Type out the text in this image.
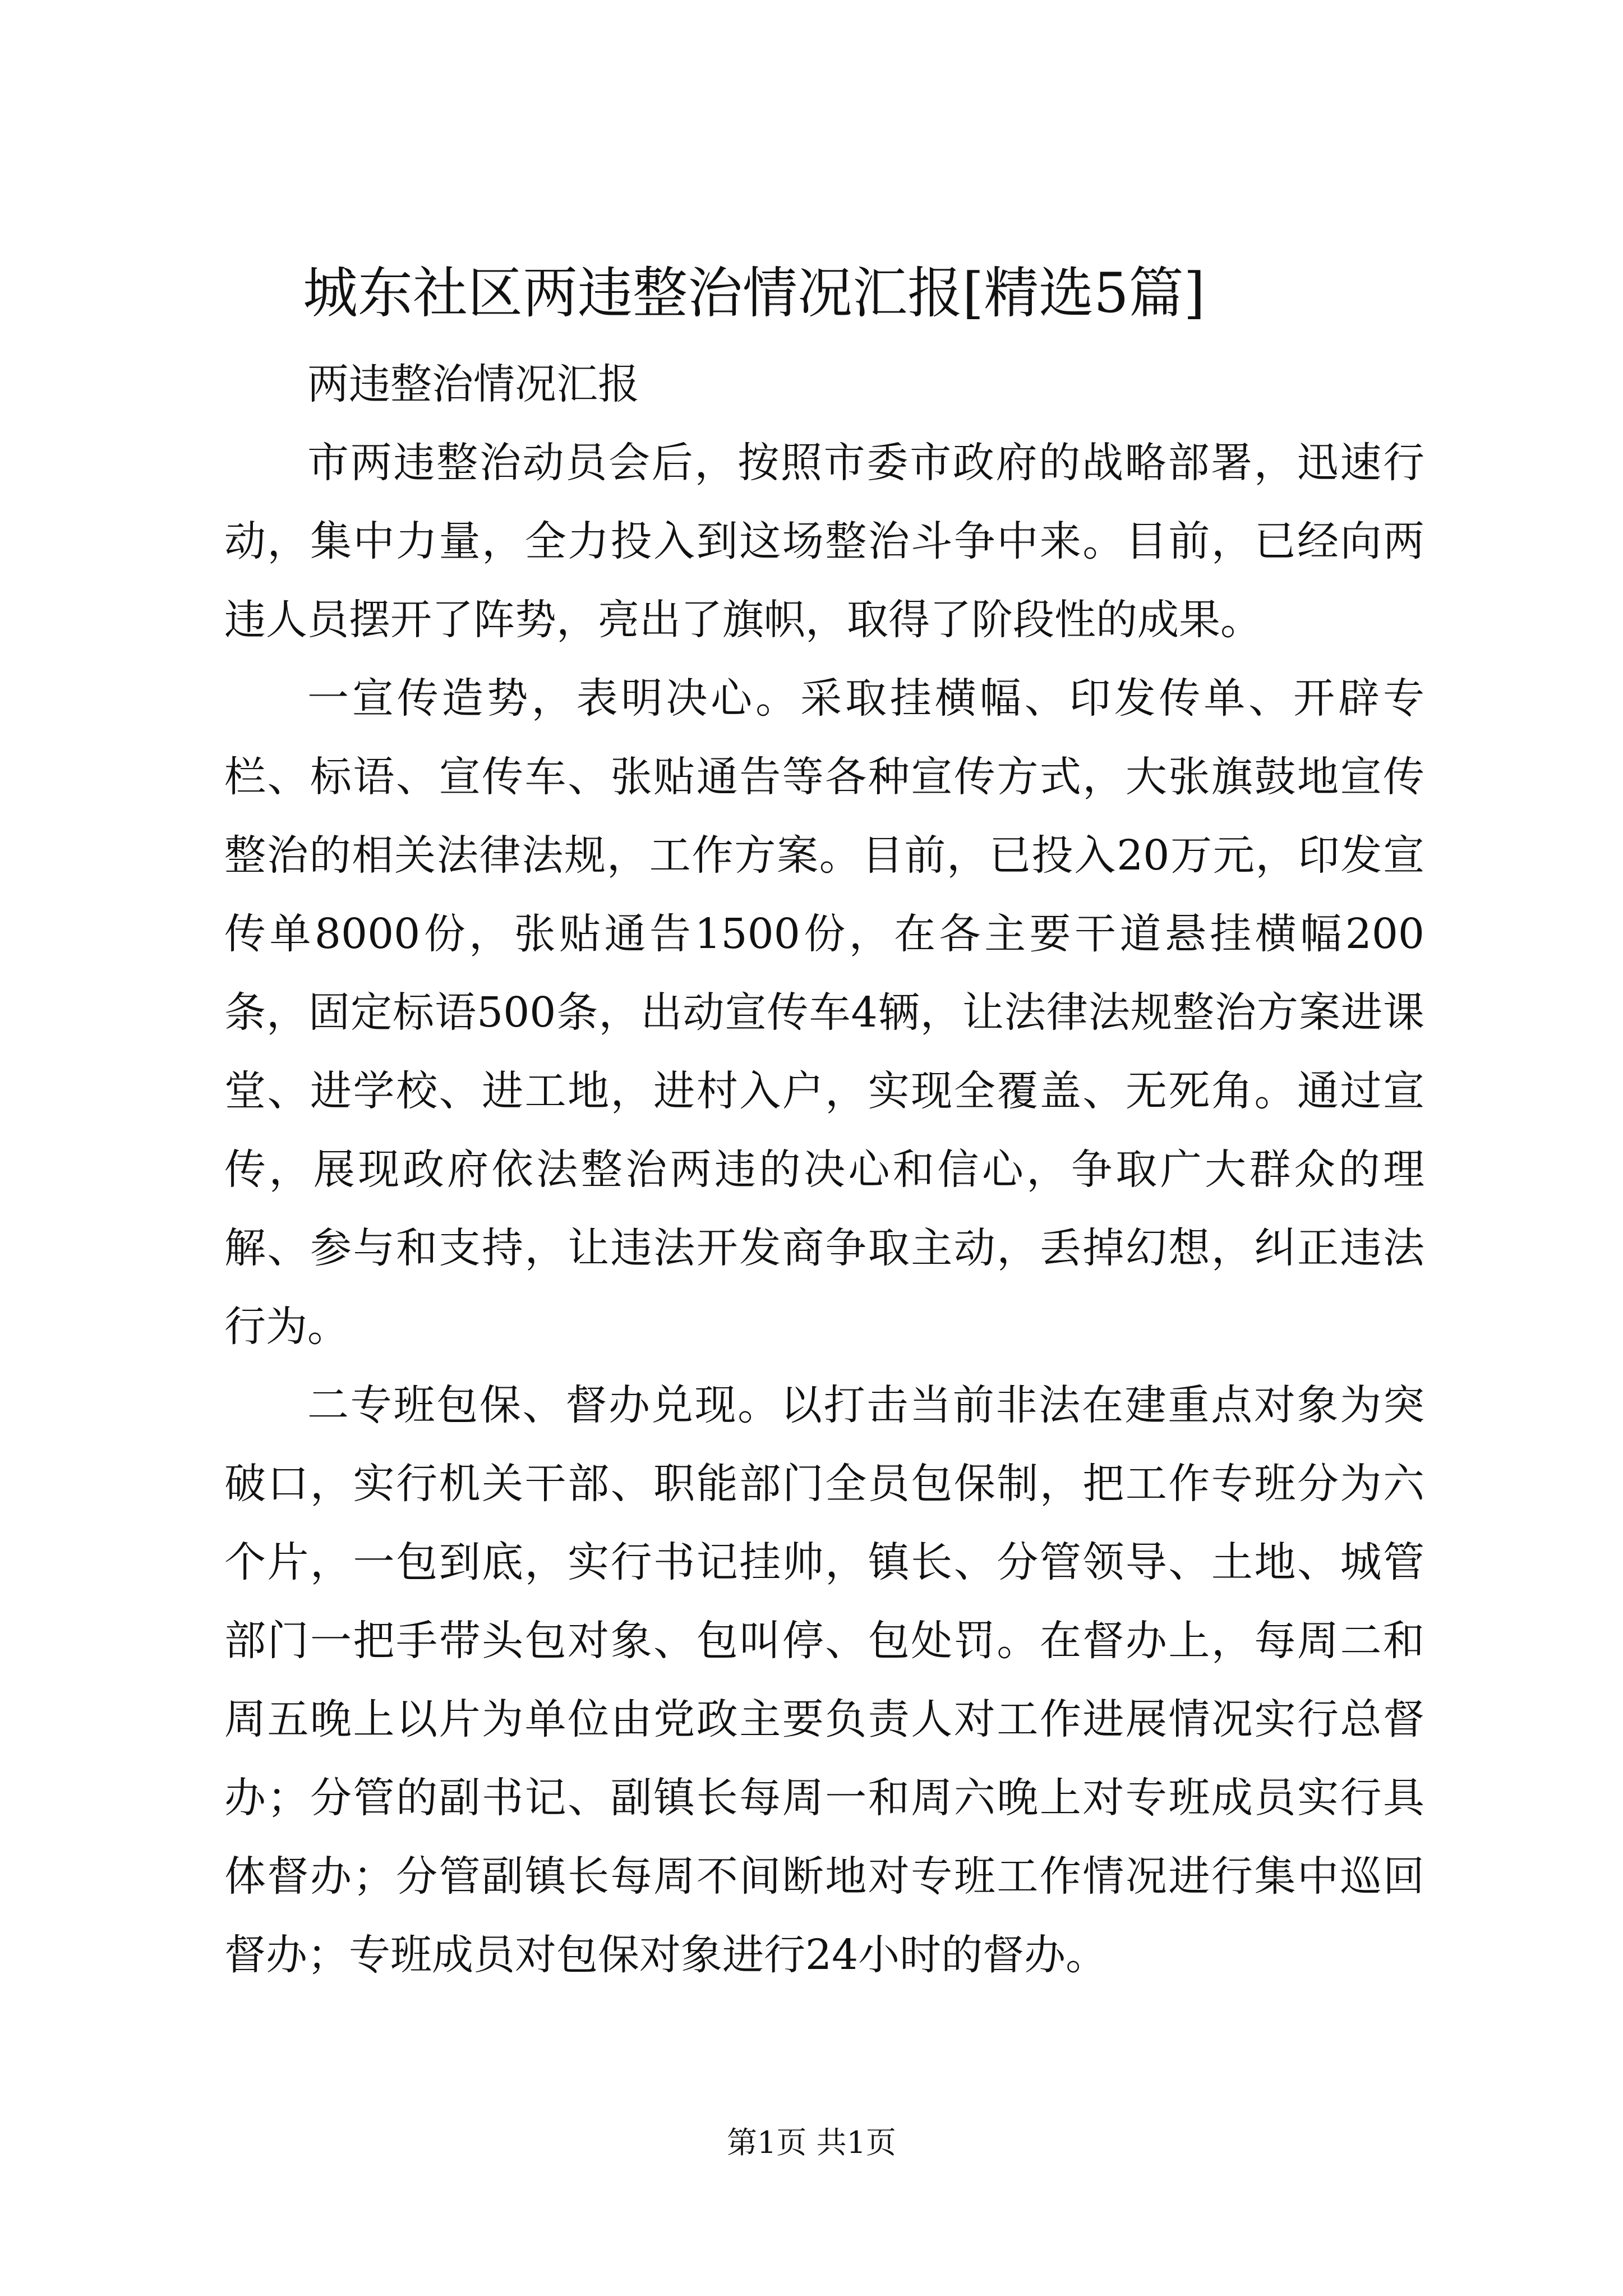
城东社区两违整治情况汇报[精选5篇]

两违整治情况汇报

市两违整治动员会后，按照市委市政府的战略部署，迅速行动，集中力量，全力投入到这场整治斗争中来。目前，已经向两违人员摆开了阵势，亮出了旗帜，取得了阶段性的成果。

一宣传造势，表明决心。采取挂横幅、印发传单、开辟专栏、标语、宣传车、张贴通告等各种宣传方式，大张旗鼓地宣传整治的相关法律法规，工作方案。目前，已投入20万元，印发宣传单8000份，张贴通告1500份，在各主要干道悬挂横幅200条，固定标语500条，出动宣传车4辆，让法律法规整治方案进课堂、进学校、进工地，进村入户，实现全覆盖、无死角。通过宣传，展现政府依法整治两违的决心和信心，争取广大群众的理解、参与和支持，让违法开发商争取主动，丢掉幻想，纠正违法行为。

二专班包保、督办兑现。以打击当前非法在建重点对象为突破口，实行机关干部、职能部门全员包保制，把工作专班分为六个片，一包到底，实行书记挂帅，镇长、分管领导、土地、城管部门一把手带头包对象、包叫停、包处罚。在督办上，每周二和周五晚上以片为单位由党政主要负责人对工作进展情况实行总督办；分管的副书记、副镇长每周一和周六晚上对专班成员实行具体督办；分管副镇长每周不间断地对专班工作情况进行集中巡回督办；专班成员对包保对象进行24小时的督办。

第1页 共1页
